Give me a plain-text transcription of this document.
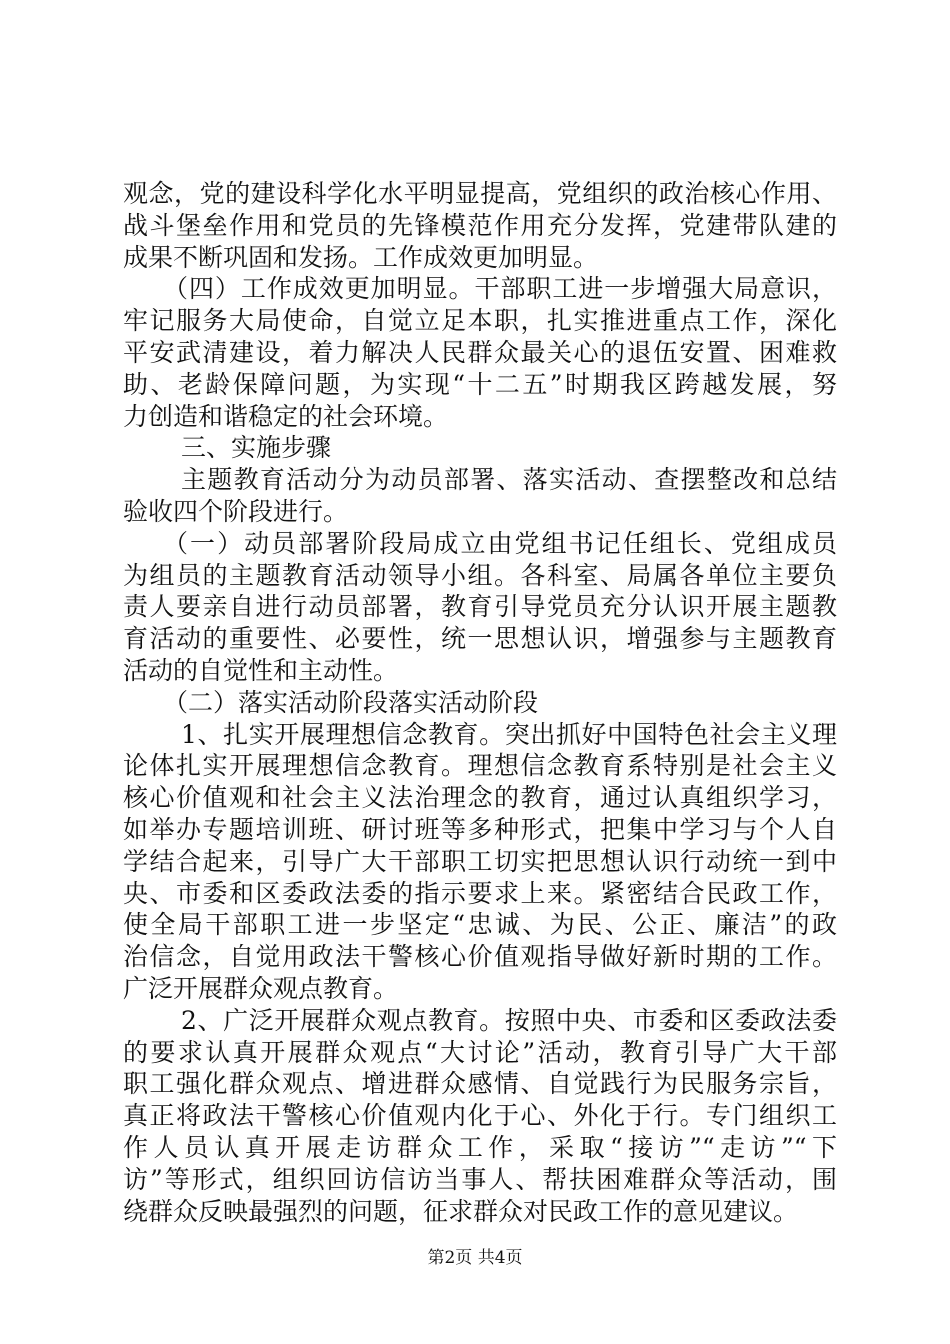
观念，党的建设科学化水平明显提高，党组织的政治核心作用、
战斗堡垒作用和党员的先锋模范作用充分发挥，党建带队建的
成果不断巩固和发扬。工作成效更加明显。
（四）工作成效更加明显。干部职工进一步增强大局意识，
牢记服务大局使命，自觉立足本职，扎实推进重点工作，深化
平安武清建设，着力解决人民群众最关心的退伍安置、困难救
助、老龄保障问题，为实现“十二五”时期我区跨越发展，努
力创造和谐稳定的社会环境。
三、实施步骤
主题教育活动分为动员部署、落实活动、查摆整改和总结
验收四个阶段进行。
（一）动员部署阶段局成立由党组书记任组长、党组成员
为组员的主题教育活动领导小组。各科室、局属各单位主要负
责人要亲自进行动员部署，教育引导党员充分认识开展主题教
育活动的重要性、必要性，统一思想认识，增强参与主题教育
活动的自觉性和主动性。
（二）落实活动阶段落实活动阶段
1、扎实开展理想信念教育。突出抓好中国特色社会主义理
论体扎实开展理想信念教育。理想信念教育系特别是社会主义
核心价值观和社会主义法治理念的教育，通过认真组织学习，
如举办专题培训班、研讨班等多种形式，把集中学习与个人自
学结合起来，引导广大干部职工切实把思想认识行动统一到中
央、市委和区委政法委的指示要求上来。紧密结合民政工作，
使全局干部职工进一步坚定“忠诚、为民、公正、廉洁”的政
治信念，自觉用政法干警核心价值观指导做好新时期的工作。
广泛开展群众观点教育。
2、广泛开展群众观点教育。按照中央、市委和区委政法委
的要求认真开展群众观点“大讨论”活动，教育引导广大干部
职工强化群众观点、增进群众感情、自觉践行为民服务宗旨，
真正将政法干警核心价值观内化于心、外化于行。专门组织工
作人员认真开展走访群众工作，采取“接访”“走访”“下
访”等形式，组织回访信访当事人、帮扶困难群众等活动，围
绕群众反映最强烈的问题，征求群众对民政工作的意见建议。
第2页 共4页
